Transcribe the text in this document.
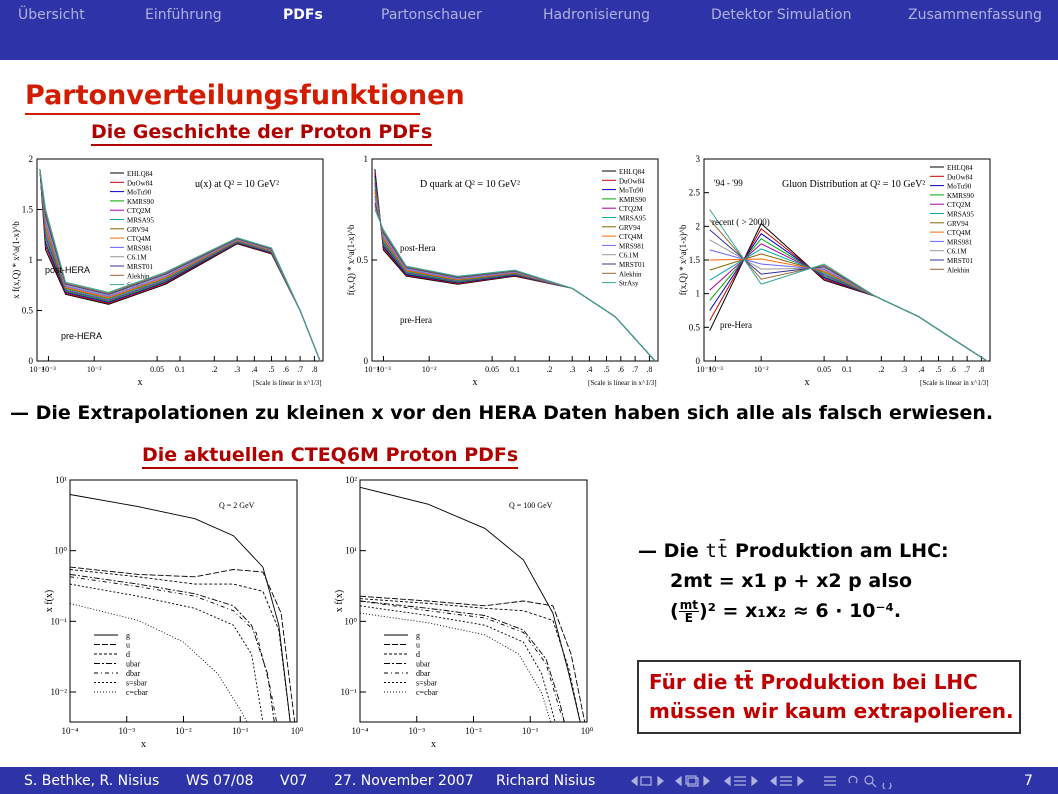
Übersicht	Einführung	PDFs	Partonschauer	Hadronisierung	Detektor Simulation	Zusammenfassung
Partonverteilungsfunktionen
Die Geschichte der Proton PDFs
0
0.5
1
1.5
2
10⁻⁴
10⁻³	10⁻²	0.05 0.1	.2 .3 .4 .5 .6 .7 .8
x	[Scale is linear in x^1/3]
x f(x,Q) * x^a(1-x)^b
u(x) at Q² = 10 GeV²
EHLQ84
DuOw84
MoTu90
KMRS90
CTQ2M
MRSA95
GRV94
CTQ4M
MRS981
C6.1M
MRST01
Alekhin
StrAsy
post-HERA
pre-HERA
0
0.5
1
10⁻⁴
10⁻³	10⁻²	0.05 0.1	.2 .3 .4 .5 .6 .7 .8
x	[Scale is linear in x^1/3]
f(x,Q) * x^a(1-x)^b
D quark at Q² = 10 GeV²
EHLQ84
DuOw84
MoTu90
KMRS90
CTQ2M
MRSA95
GRV94
CTQ4M
MRS981
C6.1M
MRST01
Alekhin
StrAsy
post-Hera
pre-Hera
0
0.5
1
1.5
2
2.5
3
10⁻⁴
10⁻³	10⁻²	0.05 0.1	.2 .3 .4 .5 .6 .7 .8
x	[Scale is linear in x^1/3]
f(x,Q) * x^a(1-x)^b
Gluon Distribution at Q² = 10 GeV²
EHLQ84
DuOw84
MoTu90
KMRS90
CTQ2M
MRSA95
GRV94
CTQ4M
MRS981
C6.1M
MRST01
Alekhin
'94 - '99
recent ( > 2000)
pre-Hera
— Die Extrapolationen zu kleinen x vor den HERA Daten haben sich alle als falsch erwiesen.
Die aktuellen CTEQ6M Proton PDFs
10⁻²
10⁻¹
10⁰
10¹
10⁻⁴	10⁻³	10⁻²	10⁻¹	10⁰
x
x f(x)
Q = 2 GeV
g
u
d
ubar
dbar
s=sbar
c=cbar	10⁻¹
10⁰
10¹
10²
10⁻⁴	10⁻³	10⁻²	10⁻¹	10⁰
x
x f(x)
Q = 100 GeV
g
u
d
ubar
dbar
s=sbar
c=cbar
— Die tt̄ Produktion am LHC:
2mt = x1 p + x2 p also
( $\frac{mt}{E} )^2 = x_1x_2 \approx 6 \cdot 10^{-4}$.
Für die tt̄ Produktion bei LHC
müssen wir kaum extrapolieren.
S. Bethke, R. Nisius WS 07/08 V07 27. November 2007 Richard Nisius	7
